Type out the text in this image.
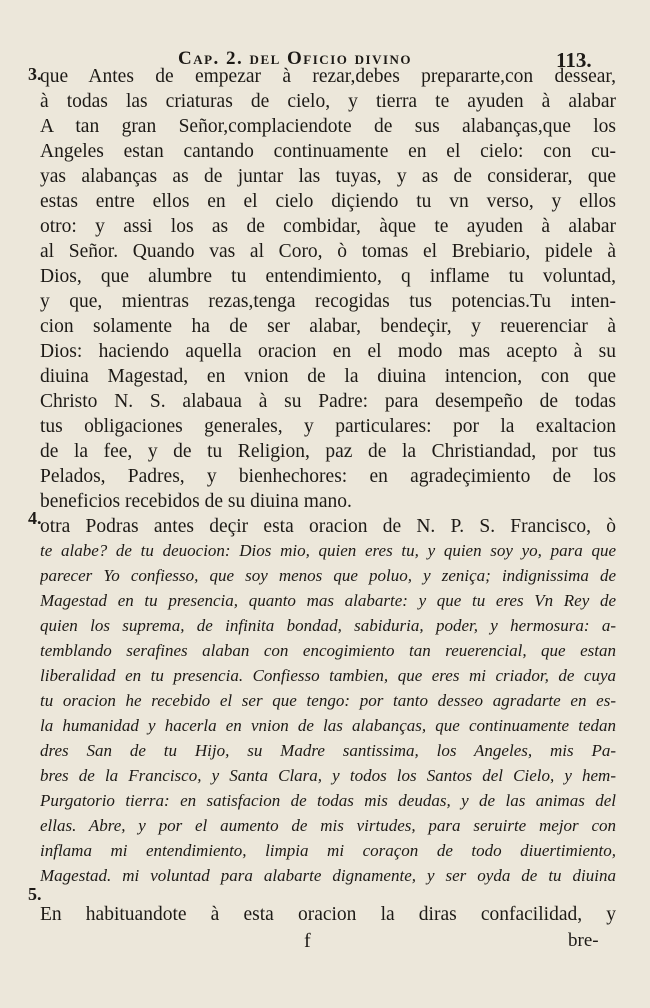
Cap. 2. del Oficio divino	113.
3.
que Antes de empezar à rezar,debes prepararte,con dessear,
à todas las criaturas de cielo, y tierra te ayuden à alabar
A tan gran Señor,complaciendote de sus alabanças,que los
Angeles estan cantando continuamente en el cielo: con cu-
yas alabanças as de juntar las tuyas, y as de considerar, que
estas entre ellos en el cielo diçiendo tu vn verso, y ellos
otro: y assi los as de combidar, àque te ayuden à alabar
al Señor. Quando vas al Coro, ò tomas el Brebiario, pidele à
Dios, que alumbre tu entendimiento, q inflame tu voluntad,
y que, mientras rezas,tenga recogidas tus potencias.Tu inten-
cion solamente ha de ser alabar, bendeçir, y reuerenciar à
Dios: haciendo aquella oracion en el modo mas acepto à su
diuina Magestad, en vnion de la diuina intencion, con que
Christo N. S. alabaua à su Padre: para desempeño de todas
tus obligaciones generales, y particulares: por la exaltacion
de la fee, y de tu Religion, paz de la Christiandad, por tus
Pelados, Padres, y bienhechores: en agradeçimiento de los
beneficios recebidos de su diuina mano.
4.
otra Podras antes deçir esta oracion de N. P. S. Francisco, ò
te alabe? de tu deuocion: Dios mio, quien eres tu, y quien soy yo, para que
parecer Yo confiesso, que soy menos que poluo, y zeniça; indignissima de
Magestad en tu presencia, quanto mas alabarte: y que tu eres Vn Rey de
quien los suprema, de infinita bondad, sabiduria, poder, y hermosura: a-
temblando serafines alaban con encogimiento tan reuerencial, que estan
liberalidad en tu presencia. Confiesso tambien, que eres mi criador, de cuya
tu oracion he recebido el ser que tengo: por tanto desseo agradarte en es-
la humanidad y hacerla en vnion de las alabanças, que continuamente tedan
dres San de tu Hijo, su Madre santissima, los Angeles, mis Pa-
bres de la Francisco, y Santa Clara, y todos los Santos del Cielo, y hem-
Purgatorio tierra: en satisfacion de todas mis deudas, y de las animas del
ellas. Abre, y por el aumento de mis virtudes, para seruirte mejor con
inflama mi entendimiento, limpia mi coraçon de todo diuertimiento,
Magestad. mi voluntad para alabarte dignamente, y ser oyda de tu diuina
5.
En habituandote à esta oracion la diras confacilidad, y
f	bre-
